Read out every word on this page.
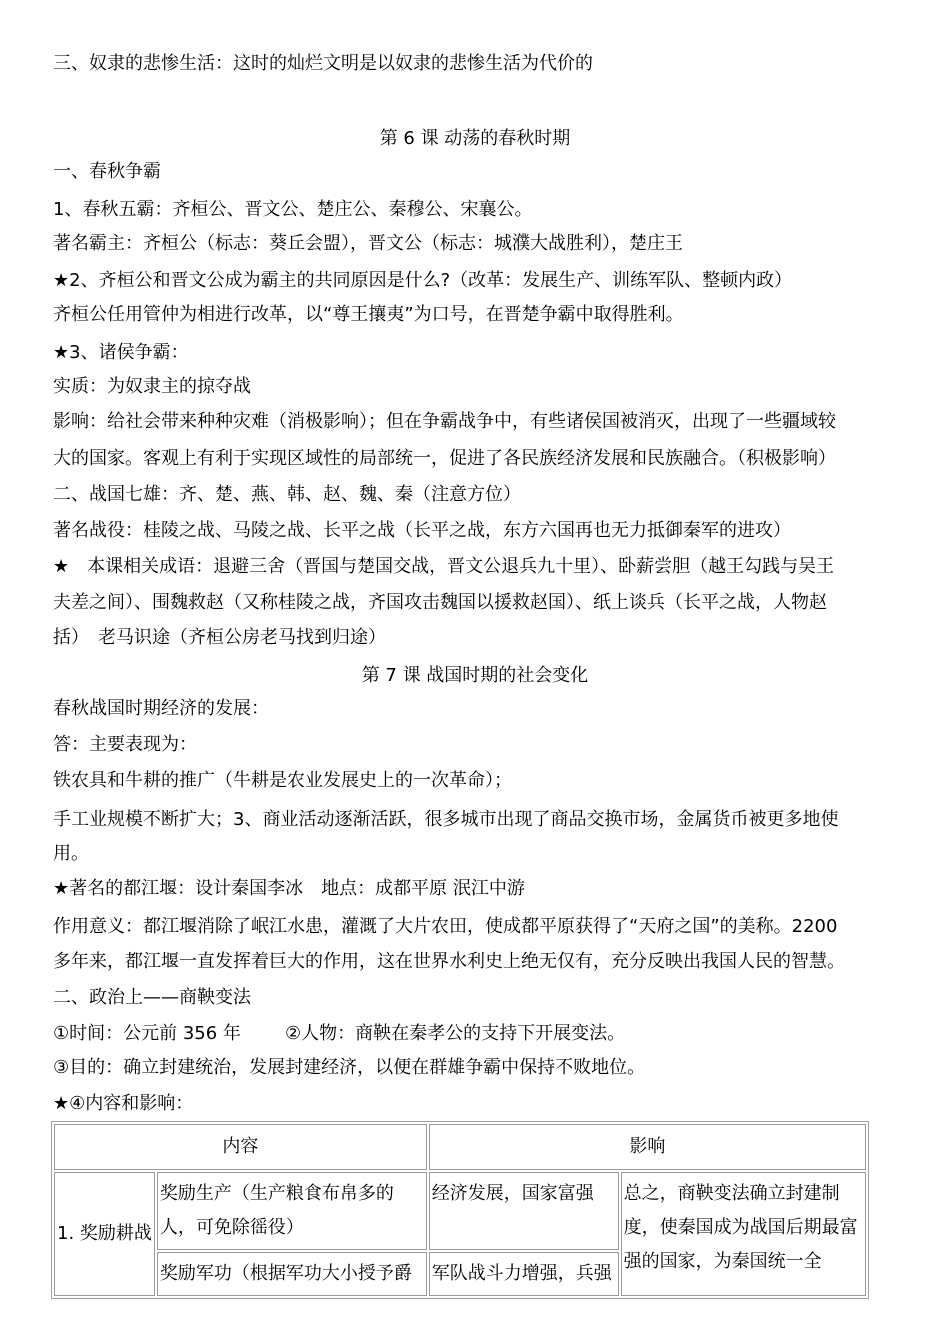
三、奴隶的悲惨生活：这时的灿烂文明是以奴隶的悲惨生活为代价的
第 6 课 动荡的春秋时期
一、春秋争霸
1、春秋五霸：齐桓公、晋文公、楚庄公、秦穆公、宋襄公。
著名霸主：齐桓公（标志：葵丘会盟），晋文公（标志：城濮大战胜利），楚庄王
★2、齐桓公和晋文公成为霸主的共同原因是什么?（改革：发展生产、训练军队、整顿内政）
齐桓公任用管仲为相进行改革，以“尊王攘夷”为口号，在晋楚争霸中取得胜利。
★3、诸侯争霸：
实质：为奴隶主的掠夺战
影响：给社会带来种种灾难（消极影响）；但在争霸战争中，有些诸侯国被消灭，出现了一些疆域较
大的国家。客观上有利于实现区域性的局部统一，促进了各民族经济发展和民族融合。（积极影响）
二、战国七雄：齐、楚、燕、韩、赵、魏、秦（注意方位）
著名战役：桂陵之战、马陵之战、长平之战（长平之战，东方六国再也无力抵御秦军的进攻）
★　本课相关成语：退避三舍（晋国与楚国交战，晋文公退兵九十里）、卧薪尝胆（越王勾践与吴王
夫差之间）、围魏救赵（又称桂陵之战，齐国攻击魏国以援救赵国）、纸上谈兵（长平之战，人物赵
括）　老马识途（齐桓公房老马找到归途）
第 7 课 战国时期的社会变化
春秋战国时期经济的发展：
答：主要表现为：
铁农具和牛耕的推广（牛耕是农业发展史上的一次革命）；
手工业规模不断扩大；3、商业活动逐渐活跃，很多城市出现了商品交换市场，金属货币被更多地使
用。
★著名的都江堰：设计秦国李冰　地点：成都平原 泯江中游
作用意义：都江堰消除了岷江水患，灌溉了大片农田，使成都平原获得了“天府之国”的美称。2200
多年来，都江堰一直发挥着巨大的作用，这在世界水利史上绝无仅有，充分反映出我国人民的智慧。
二、政治上——商鞅变法
①时间：公元前 356 年 ②人物：商鞅在秦孝公的支持下开展变法。
③目的：确立封建统治，发展封建经济，以便在群雄争霸中保持不败地位。
★④内容和影响：
内容		影响	
1. 奖励耕战	奖励生产（生产粮食布帛多的人，可免除徭役）	经济发展，国家富强	总之，商鞅变法确立封建制度，使秦国成为战国后期最富强的国家，为秦国统一全
	奖励军功（根据军功大小授予爵	军队战斗力增强，兵强	
